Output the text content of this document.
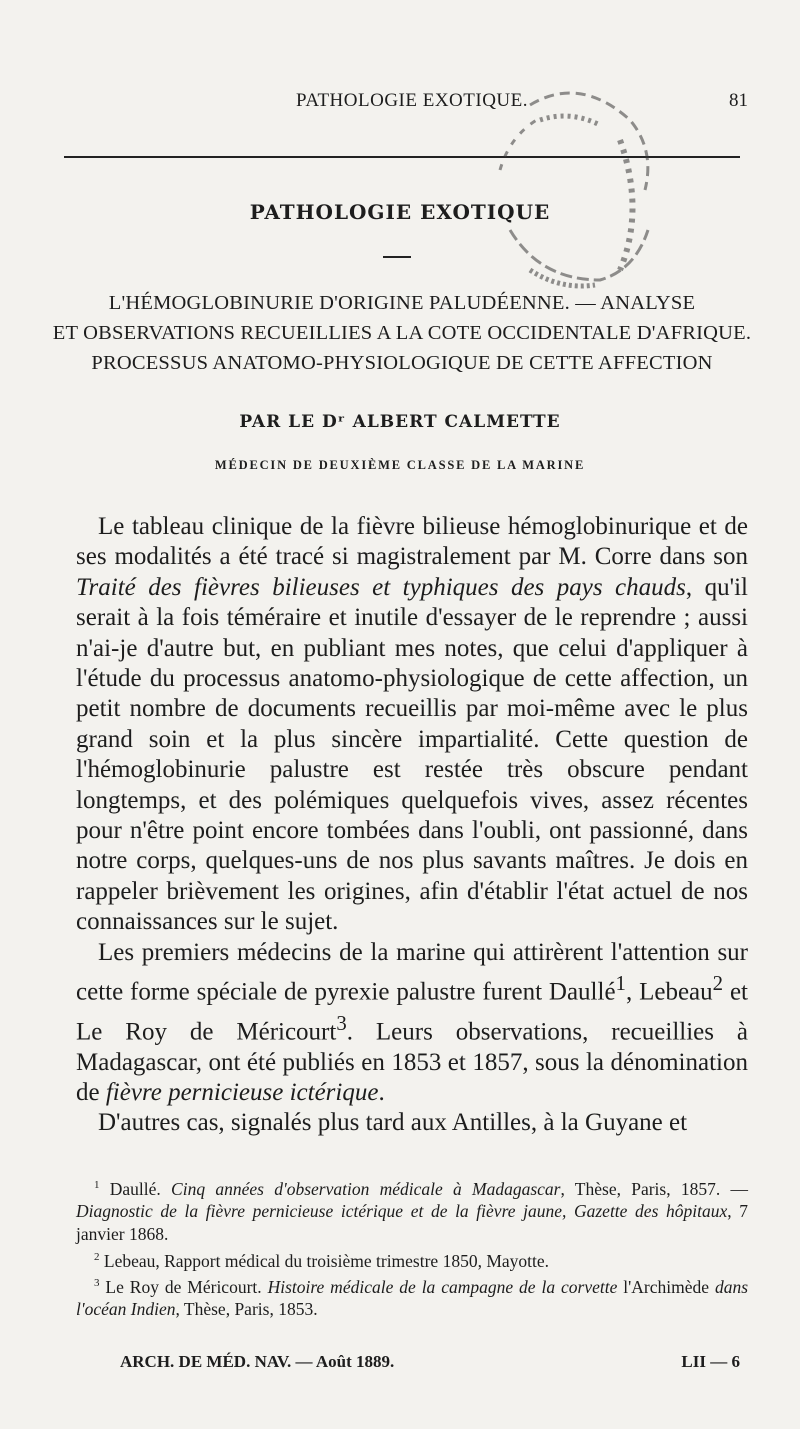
PATHOLOGIE EXOTIQUE.	81
PATHOLOGIE EXOTIQUE
L'HÉMOGLOBINURIE D'ORIGINE PALUDÉENNE. — ANALYSE
ET OBSERVATIONS RECUEILLIES A LA COTE OCCIDENTALE D'AFRIQUE.
PROCESSUS ANATOMO-PHYSIOLOGIQUE DE CETTE AFFECTION
PAR LE Dʳ ALBERT CALMETTE
MÉDECIN DE DEUXIÈME CLASSE DE LA MARINE

Le tableau clinique de la fièvre bilieuse hémoglobinurique et de ses modalités a été tracé si magistralement par M. Corre dans son Traité des fièvres bilieuses et typhiques des pays chauds, qu'il serait à la fois téméraire et inutile d'essayer de le reprendre ; aussi n'ai-je d'autre but, en publiant mes notes, que celui d'appliquer à l'étude du processus anatomo-physiologique de cette affection, un petit nombre de documents recueillis par moi-même avec le plus grand soin et la plus sincère impartialité. Cette question de l'hémoglobinurie palustre est restée très obscure pendant longtemps, et des polémiques quelquefois vives, assez récentes pour n'être point encore tombées dans l'oubli, ont passionné, dans notre corps, quelques-uns de nos plus savants maîtres. Je dois en rappeler brièvement les origines, afin d'établir l'état actuel de nos connaissances sur le sujet.

Les premiers médecins de la marine qui attirèrent l'attention sur cette forme spéciale de pyrexie palustre furent Daullé$^1$, Lebeau$^2$ et Le Roy de Méricourt$^3$. Leurs observations, recueillies à Madagascar, ont été publiés en 1853 et 1857, sous la dénomination de fièvre pernicieuse ictérique.

D'autres cas, signalés plus tard aux Antilles, à la Guyane et

$^1$ Daullé. Cinq années d'observation médicale à Madagascar, Thèse, Paris, 1857. — Diagnostic de la fièvre pernicieuse ictérique et de la fièvre jaune, Gazette des hôpitaux, 7 janvier 1868.

$^2$ Lebeau, Rapport médical du troisième trimestre 1850, Mayotte.

$^3$ Le Roy de Méricourt. Histoire médicale de la campagne de la corvette l'Archimède dans l'océan Indien, Thèse, Paris, 1853.

ARCH. DE MÉD. NAV. — Août 1889.	LII — 6
